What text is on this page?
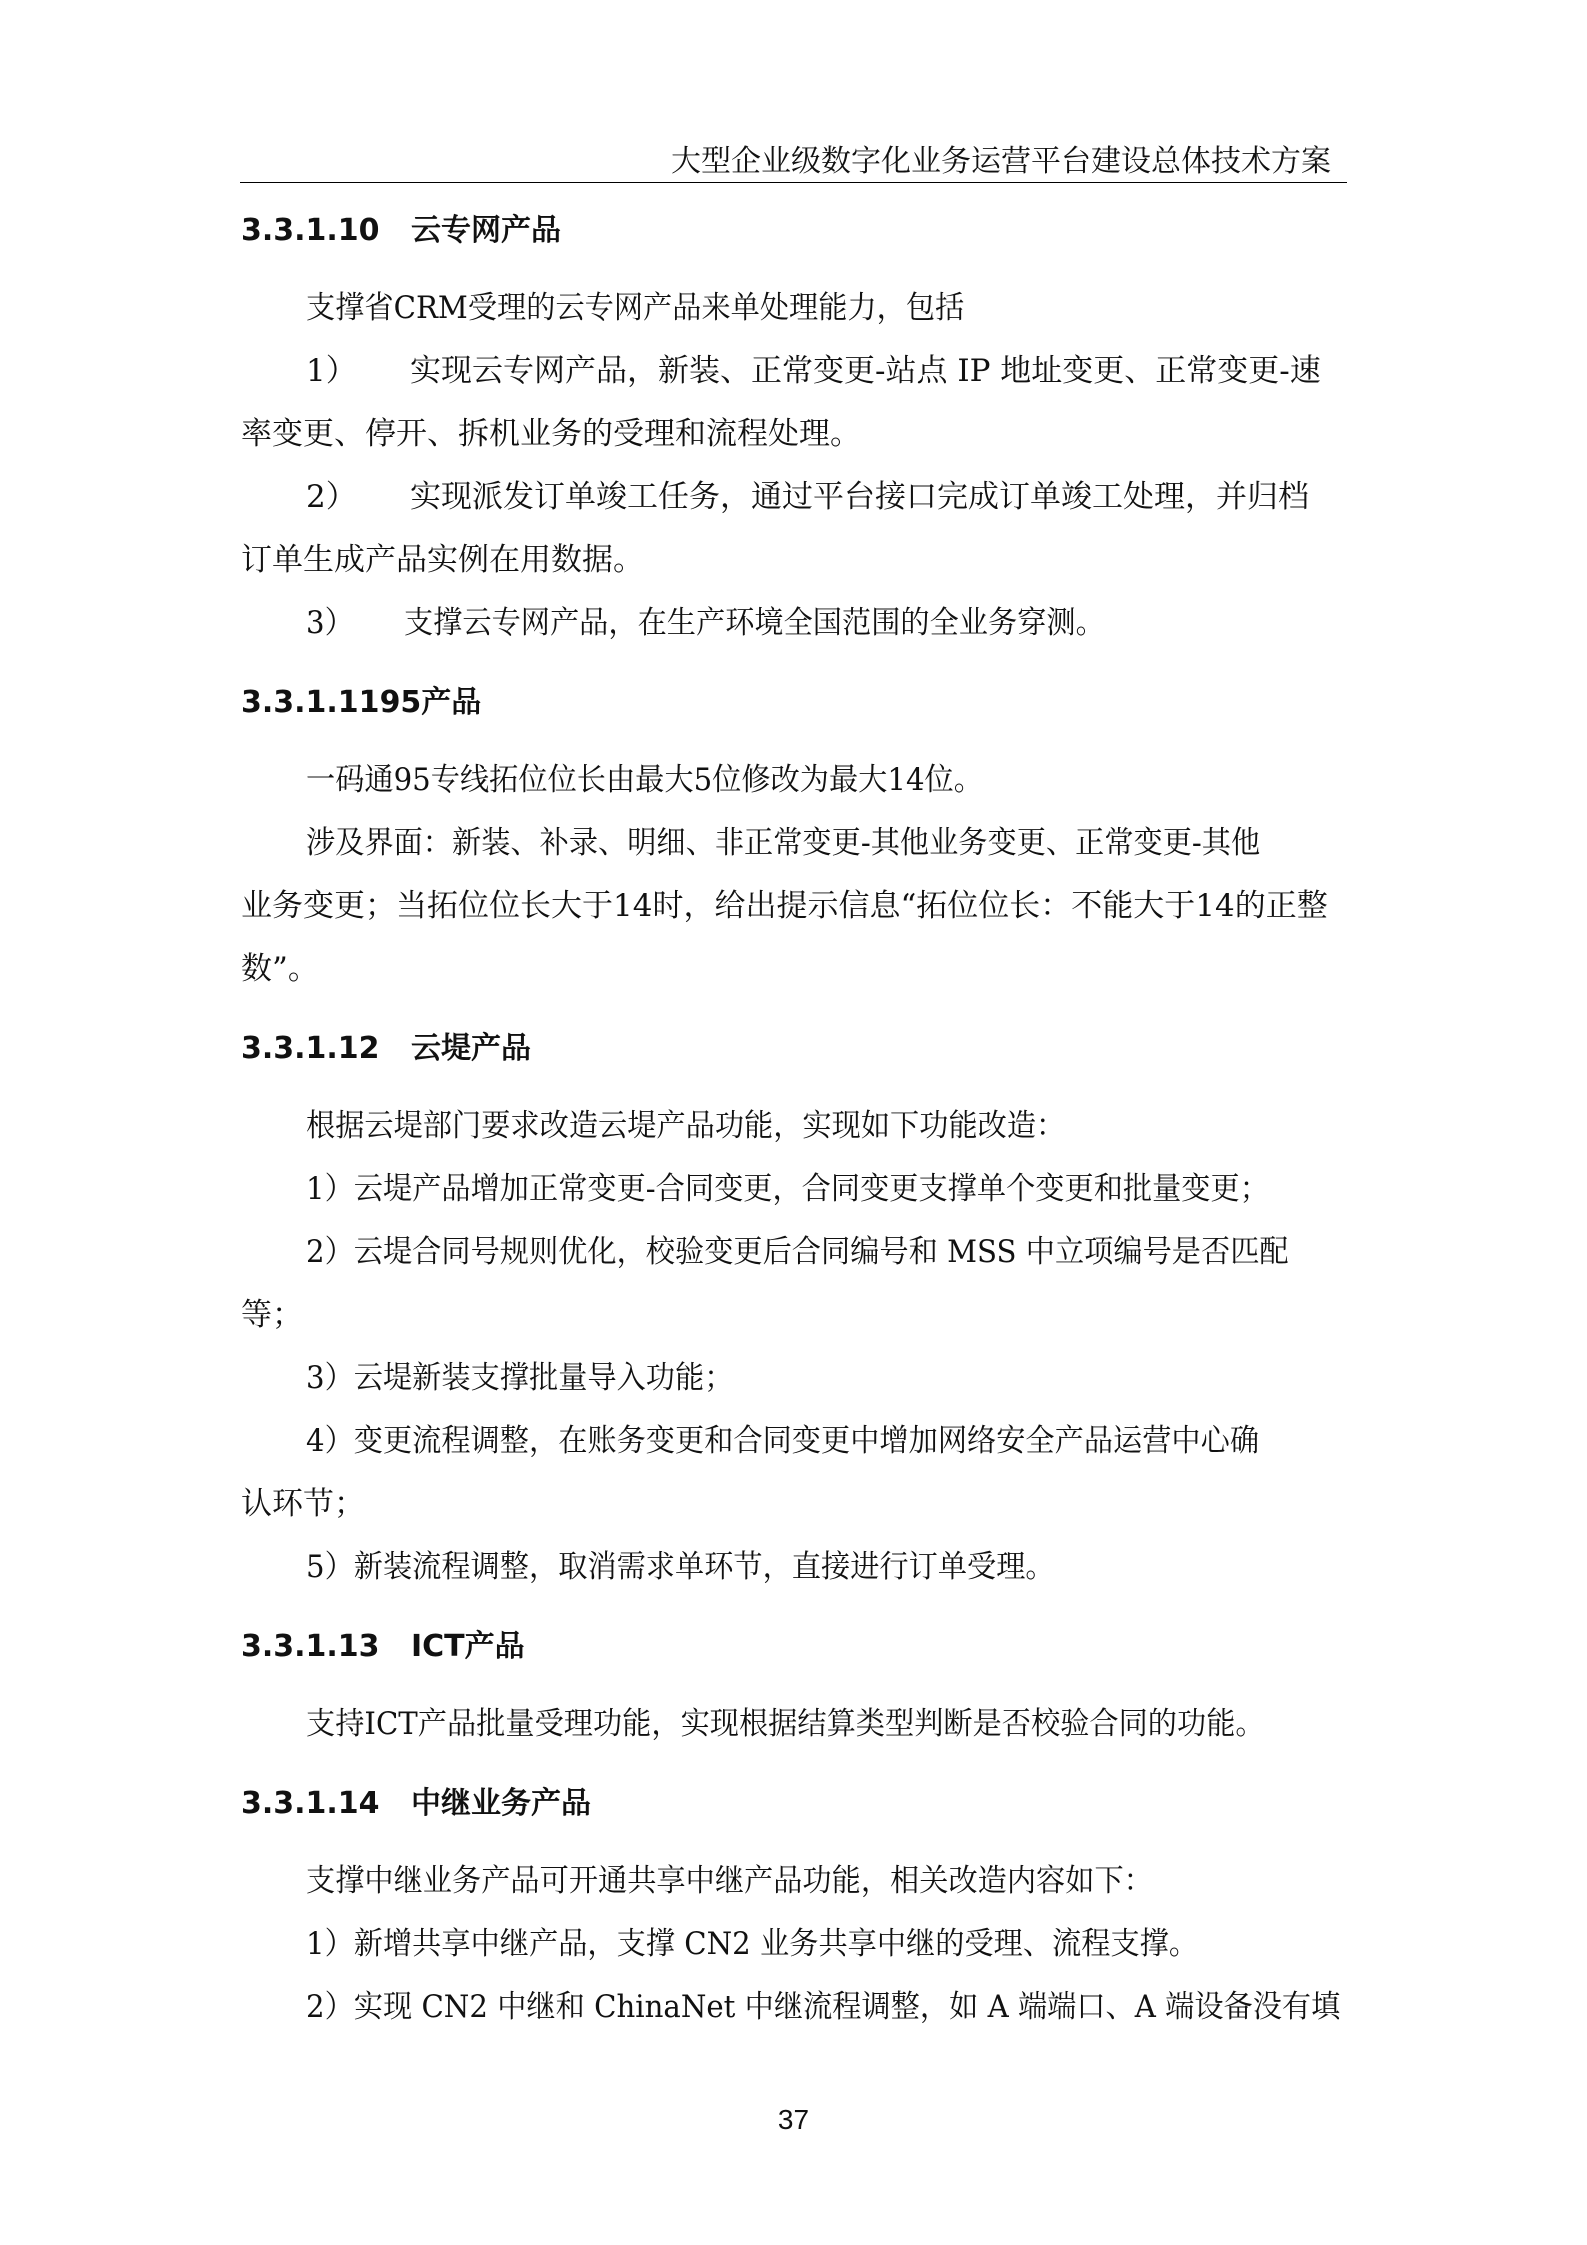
大型企业级数字化业务运营平台建设总体技术方案
3.3.1.10 云专网产品

支撑省CRM受理的云专网产品来单处理能力，包括

1） 实现云专网产品，新装、正常变更-站点 IP 地址变更、正常变更-速

率变更、停开、拆机业务的受理和流程处理。

2） 实现派发订单竣工任务，通过平台接口完成订单竣工处理，并归档

订单生成产品实例在用数据。

3） 支撑云专网产品，在生产环境全国范围的全业务穿测。

3.3.1.1195产品

一码通95专线拓位位长由最大5位修改为最大14位。

涉及界面：新装、补录、明细、非正常变更-其他业务变更、正常变更-其他

业务变更；当拓位位长大于14时，给出提示信息“拓位位长：不能大于14的正整

数”。

3.3.1.12 云堤产品

根据云堤部门要求改造云堤产品功能，实现如下功能改造：

1）云堤产品增加正常变更-合同变更，合同变更支撑单个变更和批量变更；

2）云堤合同号规则优化，校验变更后合同编号和 MSS 中立项编号是否匹配

等；

3）云堤新装支撑批量导入功能；

4）变更流程调整，在账务变更和合同变更中增加网络安全产品运营中心确

认环节；

5）新装流程调整，取消需求单环节，直接进行订单受理。

3.3.1.13 ICT产品

支持ICT产品批量受理功能，实现根据结算类型判断是否校验合同的功能。

3.3.1.14 中继业务产品

支撑中继业务产品可开通共享中继产品功能，相关改造内容如下：

1）新增共享中继产品，支撑 CN2 业务共享中继的受理、流程支撑。

2）实现 CN2 中继和 ChinaNet 中继流程调整，如 A 端端口、A 端设备没有填

37
